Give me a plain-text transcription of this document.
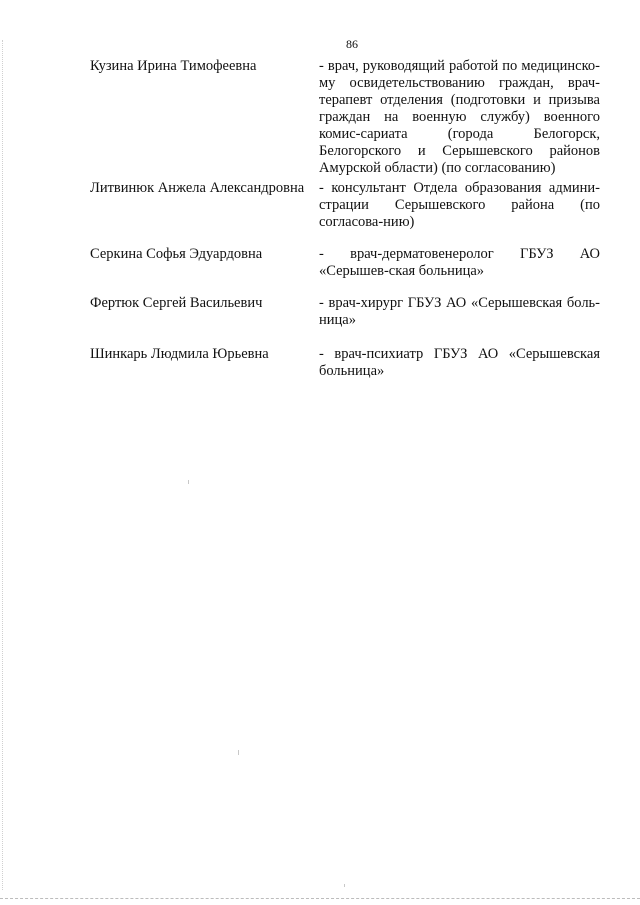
86
Кузина Ирина Тимофеевна	- врач, руководящий работой по медицинско-му освидетельствованию граждан, врач-терапевт отделения (подготовки и призыва граждан на военную службу) военного комис-сариата (города Белогорск, Белогорского и Серышевского районов Амурской области) (по согласованию)
Литвинюк Анжела Александровна - консультант Отдела образования админи-страции Серышевского района (по согласова-нию)
Серкина Софья Эдуардовна	- врач-дерматовенеролог ГБУЗ АО «Серышев-ская больница»
Фертюк Сергей Васильевич	- врач-хирург ГБУЗ АО «Серышевская боль-ница»
Шинкарь Людмила Юрьевна	- врач-психиатр ГБУЗ АО «Серышевская больница»
